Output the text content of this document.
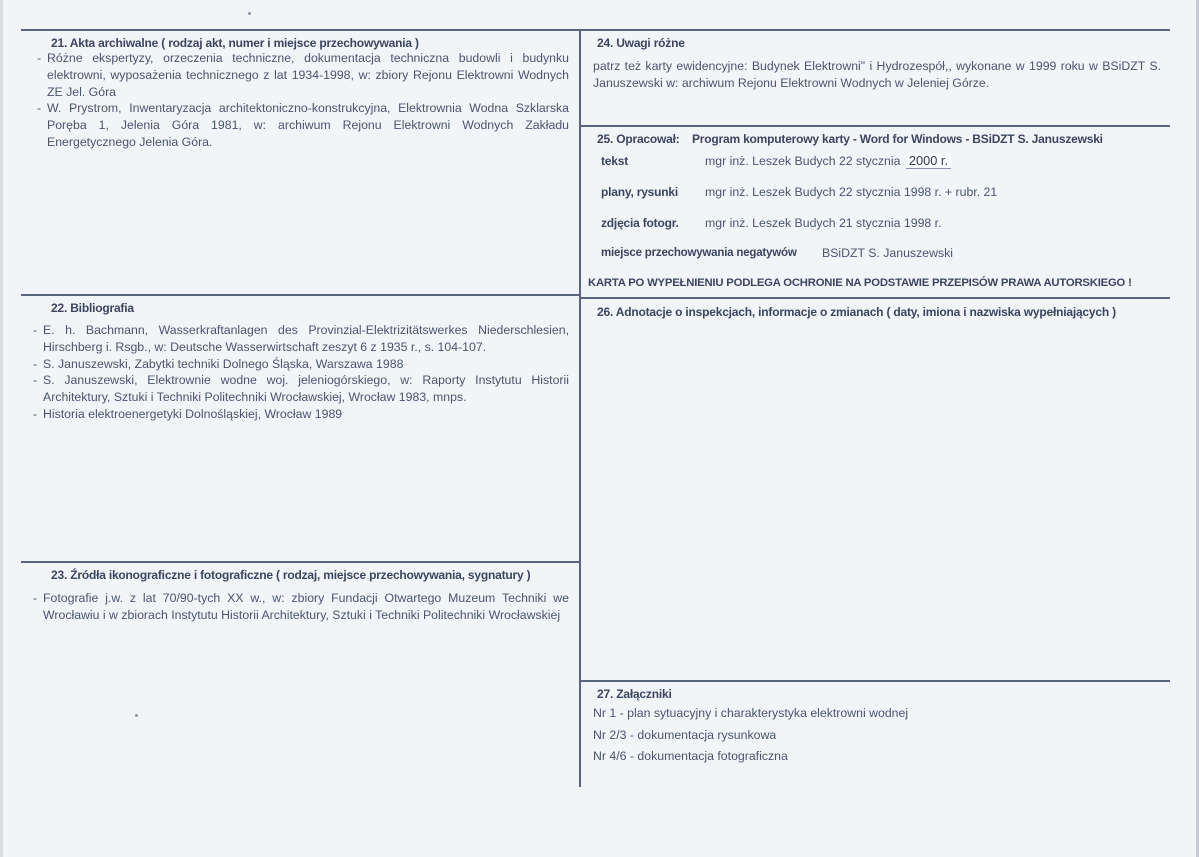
21. Akta archiwalne ( rodzaj akt, numer i miejsce przechowywania )

- Różne ekspertyzy, orzeczenia techniczne, dokumentacja techniczna budowli i budynku elektrowni, wyposażenia technicznego z lat 1934-1998, w: zbiory Rejonu Elektrowni Wodnych ZE Jel. Góra

- W. Prystrom, Inwentaryzacja architektoniczno-konstrukcyjna, Elektrownia Wodna Szklarska Poręba 1, Jelenia Góra 1981, w: archiwum Rejonu Elektrowni Wodnych Zakładu Energetycznego Jelenia Góra.

22. Bibliografia

- E. h. Bachmann, Wasserkraftanlagen des Provinzial-Elektrizitätswerkes Niederschlesien, Hirschberg i. Rsgb., w: Deutsche Wasserwirtschaft zeszyt 6 z 1935 r., s. 104-107.

- S. Januszewski, Zabytki techniki Dolnego Śląska, Warszawa 1988

- S. Januszewski, Elektrownie wodne woj. jeleniogórskiego, w: Raporty Instytutu Historii Architektury, Sztuki i Techniki Politechniki Wrocławskiej, Wrocław 1983, mnps.

- Historia elektroenergetyki Dolnośląskiej, Wrocław 1989

23. Źródła ikonograficzne i fotograficzne ( rodzaj, miejsce przechowywania, sygnatury )

- Fotografie j.w. z lat 70/90-tych XX w., w: zbiory Fundacji Otwartego Muzeum Techniki we Wrocławiu i w zbiorach Instytutu Historii Architektury, Sztuki i Techniki Politechniki Wrocławskiej

24. Uwagi różne
patrz też karty ewidencyjne: Budynek Elektrowni" i Hydrozespół,, wykonane w 1999 roku w BSiDZT S. Januszewski w: archiwum Rejonu Elektrowni Wodnych w Jeleniej Górze.
25. Opracował: Program komputerowy karty - Word for Windows - BSiDZT S. Januszewski
tekst	mgr inż. Leszek Budych 22 stycznia 2000 r.
plany, rysunki mgr inż. Leszek Budych 22 stycznia 1998 r. + rubr. 21
zdjęcia fotogr. mgr inż. Leszek Budych 21 stycznia 1998 r.
miejsce przechowywania negatywów BSiDZT S. Januszewski
KARTA PO WYPEŁNIENIU PODLEGA OCHRONIE NA PODSTAWIE PRZEPISÓW PRAWA AUTORSKIEGO !
26. Adnotacje o inspekcjach, informacje o zmianach ( daty, imiona i nazwiska wypełniających )
27. Załączniki
Nr 1 - plan sytuacyjny i charakterystyka elektrowni wodnej
Nr 2/3 - dokumentacja rysunkowa
Nr 4/6 - dokumentacja fotograficzna
